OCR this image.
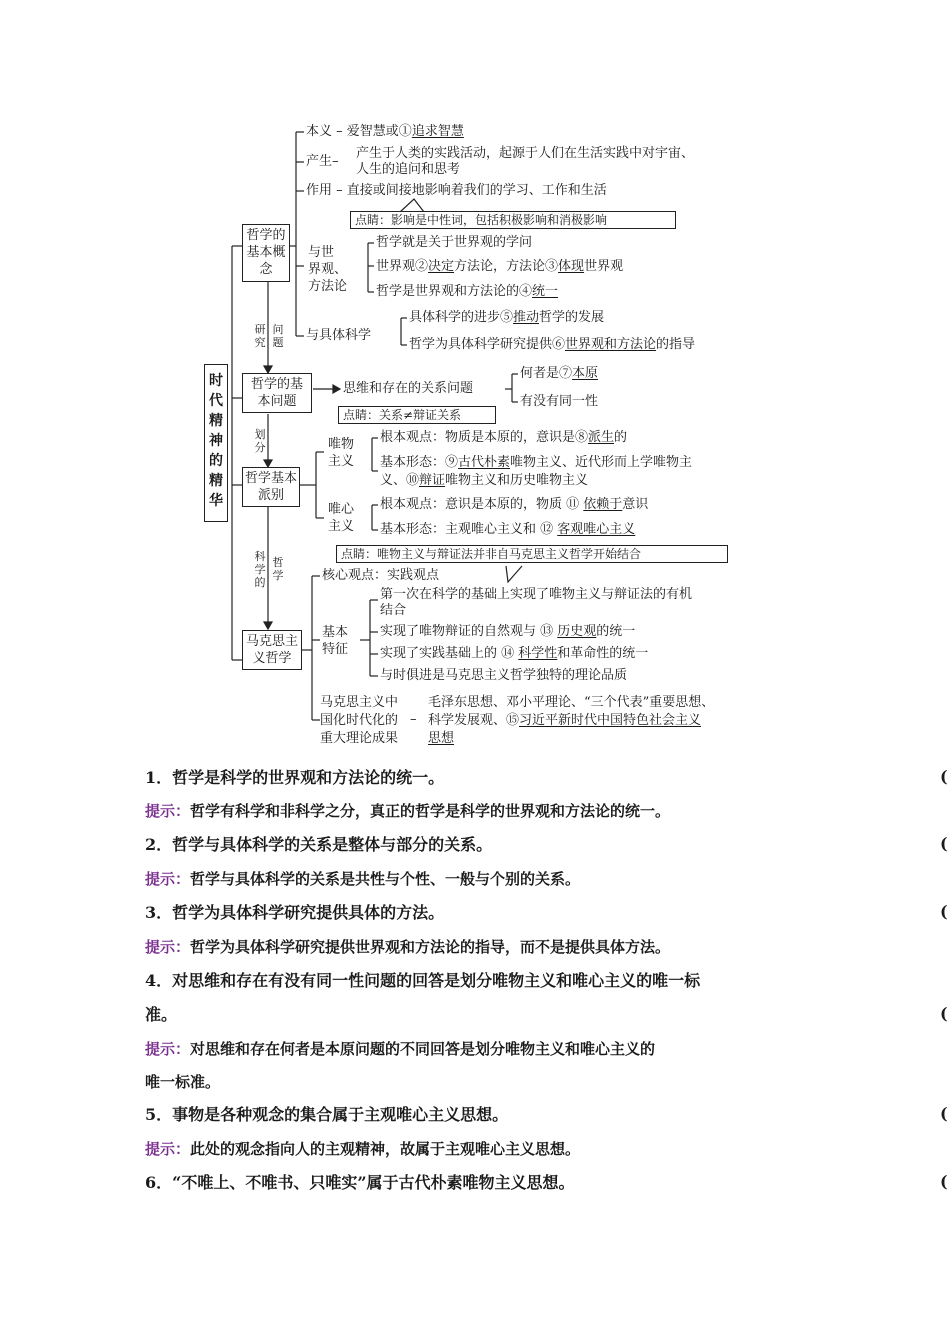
时代精神的精华
哲学的基本概念
哲学的基本问题
哲学基本派别
马克思主义哲学
研究
问题
划分
科学的
哲学
本义 – 爱智慧或①追求智慧
产生–
产生于人类的实践活动，起源于人们在生活实践中对宇宙、
人生的追问和思考
作用 – 直接或间接地影响着我们的学习、工作和生活
点睛：影响是中性词，包括积极影响和消极影响
与世
界观、
方法论
哲学就是关于世界观的学问
世界观②决定方法论，方法论③体现世界观
哲学是世界观和方法论的④统一
与具体科学
具体科学的进步⑤推动哲学的发展
哲学为具体科学研究提供⑥世界观和方法论的指导
思维和存在的关系问题
何者是⑦本原
有没有同一性
点睛：关系≠辩证关系
唯物
主义
根本观点：物质是本原的，意识是⑧派生的
基本形态：⑨古代朴素唯物主义、近代形而上学唯物主
义、⑩辩证唯物主义和历史唯物主义
唯心
主义
根本观点：意识是本原的，物质 ⑪ 依赖于意识
基本形态：主观唯心主义和 ⑫ 客观唯心主义
点睛：唯物主义与辩证法并非自马克思主义哲学开始结合
核心观点：实践观点
基本
特征
第一次在科学的基础上实现了唯物主义与辩证法的有机
结合
实现了唯物辩证的自然观与 ⑬ 历史观的统一
实现了实践基础上的 ⑭ 科学性和革命性的统一
与时俱进是马克思主义哲学独特的理论品质
马克思主义中
国化时代化的
重大理论成果
–
毛泽东思想、邓小平理论、“三个代表”重要思想、
科学发展观、⑮习近平新时代中国特色社会主义
思想
1．哲学是科学的世界观和方法论的统一。	(
提示：哲学有科学和非科学之分，真正的哲学是科学的世界观和方法论的统一。
2．哲学与具体科学的关系是整体与部分的关系。	(
提示：哲学与具体科学的关系是共性与个性、一般与个别的关系。
3．哲学为具体科学研究提供具体的方法。	(
提示：哲学为具体科学研究提供世界观和方法论的指导，而不是提供具体方法。
4．对思维和存在有没有同一性问题的回答是划分唯物主义和唯心主义的唯一标
准。	(
提示：对思维和存在何者是本原问题的不同回答是划分唯物主义和唯心主义的
唯一标准。
5．事物是各种观念的集合属于主观唯心主义思想。	(
提示：此处的观念指向人的主观精神，故属于主观唯心主义思想。
6．“不唯上、不唯书、只唯实”属于古代朴素唯物主义思想。	(
